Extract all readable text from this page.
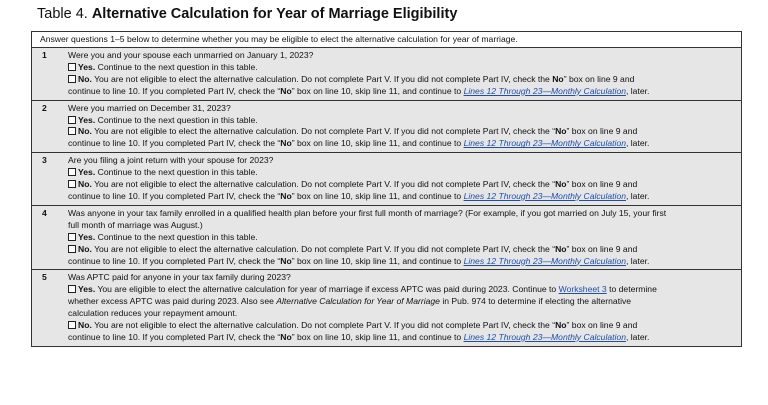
Table 4. Alternative Calculation for Year of Marriage Eligibility
Answer questions 1–5 below to determine whether you may be eligible to elect the alternative calculation for year of marriage.
1 Were you and your spouse each unmarried on January 1, 2023?
Yes. Continue to the next question in this table.
No. You are not eligible to elect the alternative calculation. Do not complete Part V. If you did not complete Part IV, check the No” box on line 9 and
continue to line 10. If you completed Part IV, check the “No” box on line 10, skip line 11, and continue to Lines 12 Through 23—Monthly Calculation, later.
2 Were you married on December 31, 2023?
Yes. Continue to the next question in this table.
No. You are not eligible to elect the alternative calculation. Do not complete Part V. If you did not complete Part IV, check the “No” box on line 9 and
continue to line 10. If you completed Part IV, check the “No” box on line 10, skip line 11, and continue to Lines 12 Through 23—Monthly Calculation, later.
3 Are you filing a joint return with your spouse for 2023?
Yes. Continue to the next question in this table.
No. You are not eligible to elect the alternative calculation. Do not complete Part V. If you did not complete Part IV, check the “No” box on line 9 and
continue to line 10. If you completed Part IV, check the “No” box on line 10, skip line 11, and continue to Lines 12 Through 23—Monthly Calculation, later.
4 Was anyone in your tax family enrolled in a qualified health plan before your first full month of marriage? (For example, if you got married on July 15, your first
full month of marriage was August.)
Yes. Continue to the next question in this table.
No. You are not eligible to elect the alternative calculation. Do not complete Part V. If you did not complete Part IV, check the “No” box on line 9 and
continue to line 10. If you completed Part IV, check the “No” box on line 10, skip line 11, and continue to Lines 12 Through 23—Monthly Calculation, later.
5 Was APTC paid for anyone in your tax family during 2023?
Yes. You are eligible to elect the alternative calculation for year of marriage if excess APTC was paid during 2023. Continue to Worksheet 3 to determine
whether excess APTC was paid during 2023. Also see Alternative Calculation for Year of Marriage in Pub. 974 to determine if electing the alternative
calculation reduces your repayment amount.
No. You are not eligible to elect the alternative calculation. Do not complete Part V. If you did not complete Part IV, check the “No” box on line 9 and
continue to line 10. If you completed Part IV, check the “No” box on line 10, skip line 11, and continue to Lines 12 Through 23—Monthly Calculation, later.
